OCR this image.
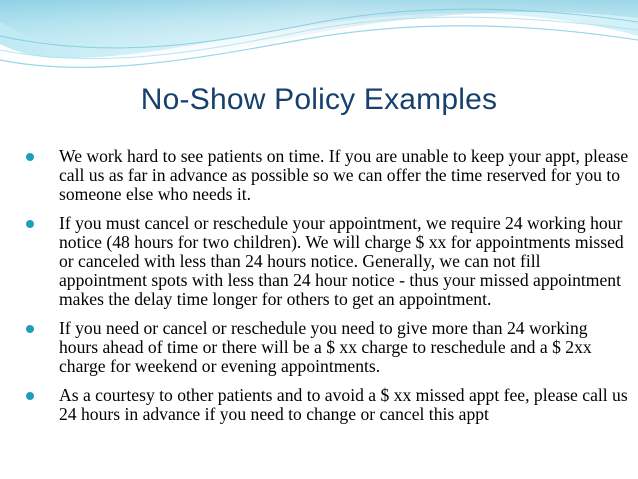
No-Show Policy Examples
We work hard to see patients on time. If you are unable to keep your appt, please call us as far in advance as possible so we can offer the time reserved for you to someone else who needs it.
If you must cancel or reschedule your appointment, we require 24 working hour notice (48 hours for two children). We will charge $ xx for appointments missed or canceled with less than 24 hours notice. Generally, we can not fill appointment spots with less than 24 hour notice - thus your missed appointment makes the delay time longer for others to get an appointment.
If you need or cancel or reschedule you need to give more than 24 working hours ahead of time or there will be a $ xx charge to reschedule and a $ 2xx charge for weekend or evening appointments.
As a courtesy to other patients and to avoid a $ xx missed appt fee, please call us 24 hours in advance if you need to change or cancel this appt
